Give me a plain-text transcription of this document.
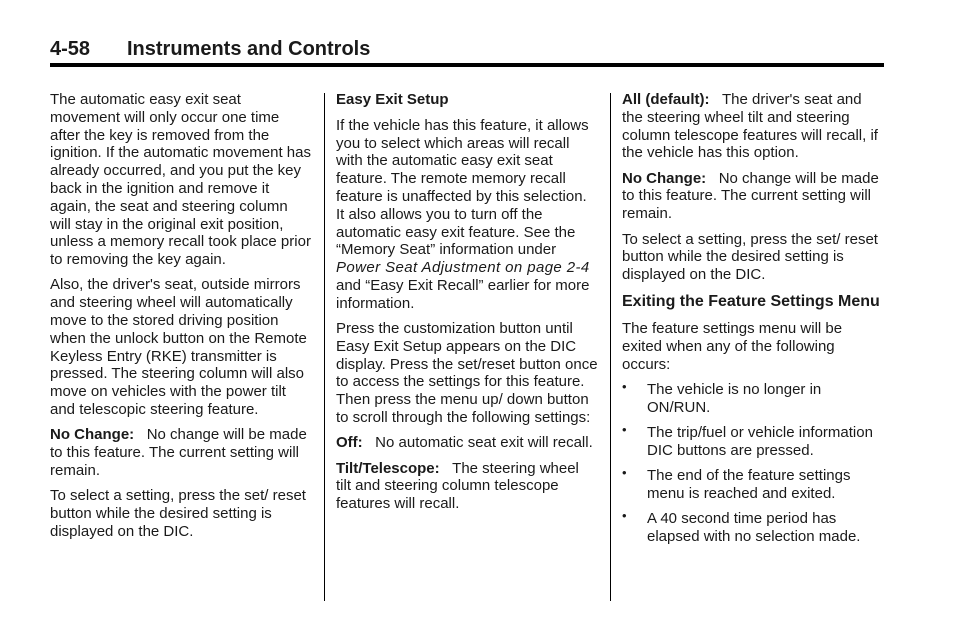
4-58 Instruments and Controls

The automatic easy exit seat movement will only occur one time after the key is removed from the ignition. If the automatic movement has already occurred, and you put the key back in the ignition and remove it again, the seat and steering column will stay in the original exit position, unless a memory recall took place prior to removing the key again.

Also, the driver's seat, outside mirrors and steering wheel will automatically move to the stored driving position when the unlock button on the Remote Keyless Entry (RKE) transmitter is pressed. The steering column will also move on vehicles with the power tilt and telescopic steering feature.

No Change: No change will be made to this feature. The current setting will remain.

To select a setting, press the set/ reset button while the desired setting is displayed on the DIC.

Easy Exit Setup

If the vehicle has this feature, it allows you to select which areas will recall with the automatic easy exit seat feature. The remote memory recall feature is unaffected by this selection. It also allows you to turn off the automatic easy exit feature. See the “Memory Seat” information under Power Seat Adjustment on page 2-4 and “Easy Exit Recall” earlier for more information.

Press the customization button until Easy Exit Setup appears on the DIC display. Press the set/reset button once to access the settings for this feature. Then press the menu up/ down button to scroll through the following settings:

Off: No automatic seat exit will recall.

Tilt/Telescope: The steering wheel tilt and steering column telescope features will recall.

All (default): The driver's seat and the steering wheel tilt and steering column telescope features will recall, if the vehicle has this option.

No Change: No change will be made to this feature. The current setting will remain.

To select a setting, press the set/ reset button while the desired setting is displayed on the DIC.

Exiting the Feature Settings Menu

The feature settings menu will be exited when any of the following occurs:

• The vehicle is no longer in ON/RUN.
• The trip/fuel or vehicle information DIC buttons are pressed.
• The end of the feature settings menu is reached and exited.
• A 40 second time period has elapsed with no selection made.
